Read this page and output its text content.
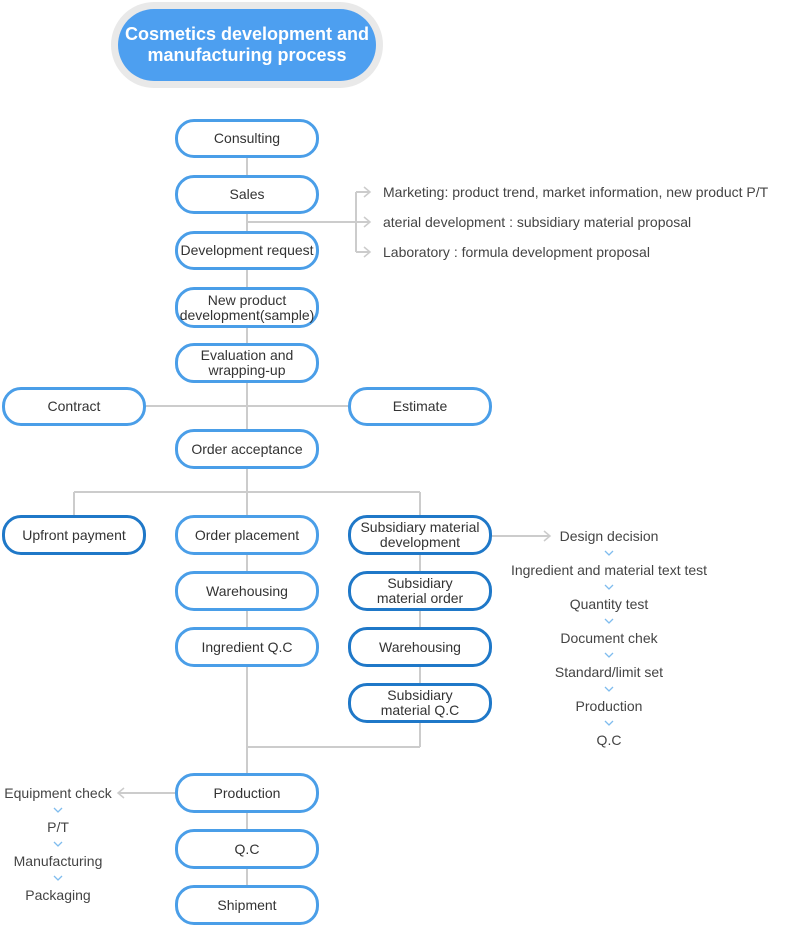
Cosmetics development and
manufacturing process
Consulting
Sales
Development request
New product
development(sample)
Evaluation and
wrapping-up
Contract	Estimate
Order acceptance
Marketing: product trend, market information, new product P/T
aterial development : subsidiary material proposal
Laboratory : formula development proposal
Upfront payment	Order placement
Warehousing
Ingredient Q.C
Subsidiary material
development
Subsidiary
material order
Warehousing
Subsidiary
material Q.C
Design decision
Ingredient and material text test
Quantity test
Document chek
Standard/limit set
Production
Q.C
Production
Q.C
Shipment
Equipment check
P/T
Manufacturing
Packaging
